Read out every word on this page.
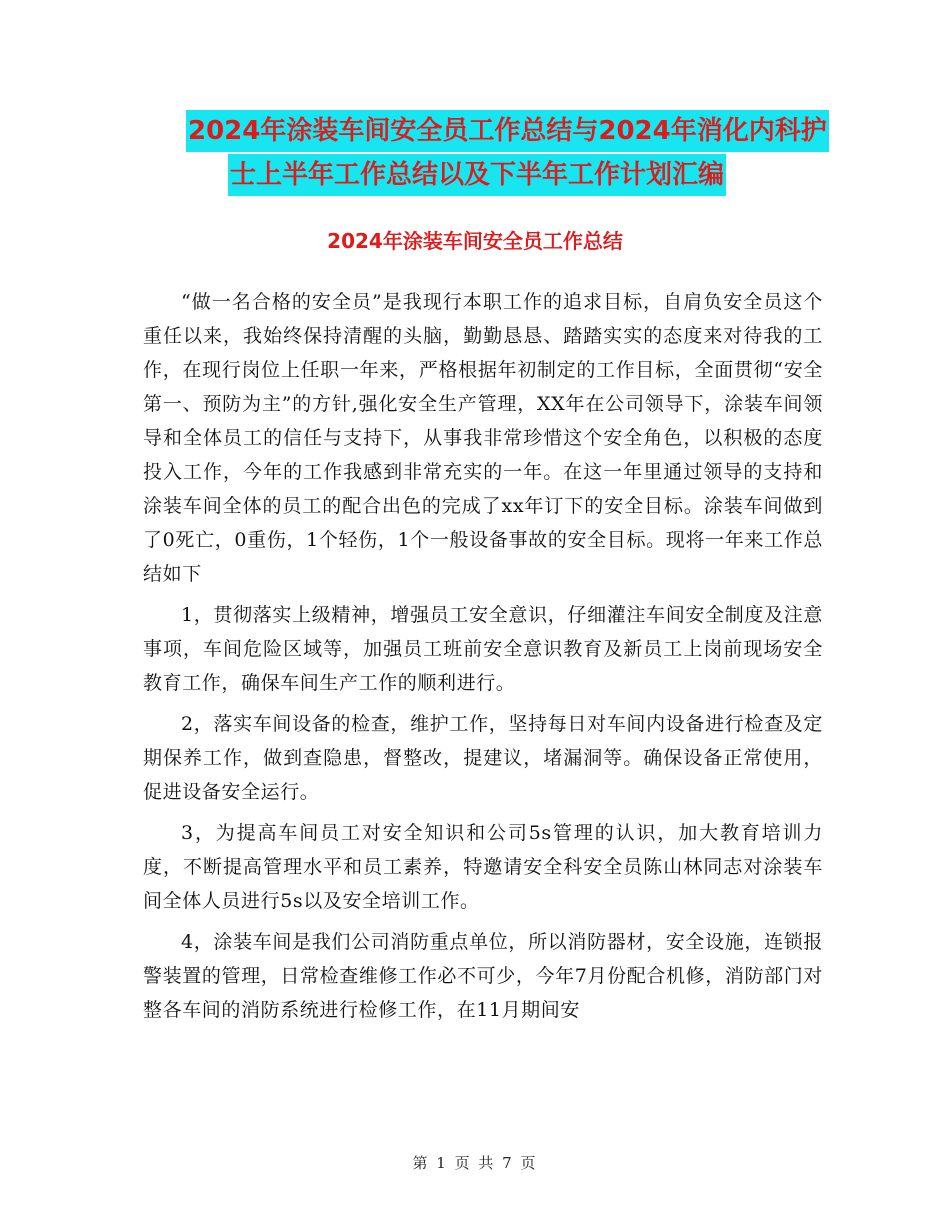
2024年涂装车间安全员工作总结与2024年消化内科护
士上半年工作总结以及下半年工作计划汇编
2024年涂装车间安全员工作总结

“做一名合格的安全员”是我现行本职工作的追求目标，自肩负安全员这个重任以来，我始终保持清醒的头脑，勤勤恳恳、踏踏实实的态度来对待我的工作，在现行岗位上任职一年来，严格根据年初制定的工作目标，全面贯彻“安全第一、预防为主”的方针,强化安全生产管理，XX年在公司领导下，涂装车间领导和全体员工的信任与支持下，从事我非常珍惜这个安全角色，以积极的态度投入工作，今年的工作我感到非常充实的一年。在这一年里通过领导的支持和涂装车间全体的员工的配合出色的完成了xx年订下的安全目标。涂装车间做到了0死亡，0重伤，1个轻伤，1个一般设备事故的安全目标。现将一年来工作总结如下

1，贯彻落实上级精神，增强员工安全意识，仔细灌注车间安全制度及注意事项，车间危险区域等，加强员工班前安全意识教育及新员工上岗前现场安全教育工作，确保车间生产工作的顺利进行。

2，落实车间设备的检查，维护工作，坚持每日对车间内设备进行检查及定期保养工作，做到查隐患，督整改，提建议，堵漏洞等。确保设备正常使用，促进设备安全运行。

3，为提高车间员工对安全知识和公司5s管理的认识，加大教育培训力度，不断提高管理水平和员工素养，特邀请安全科安全员陈山林同志对涂装车间全体人员进行5s以及安全培训工作。

4，涂装车间是我们公司消防重点单位，所以消防器材，安全设施，连锁报警装置的管理，日常检查维修工作必不可少，今年7月份配合机修，消防部门对整各车间的消防系统进行检修工作，在11月期间安

第 1 页 共 7 页
